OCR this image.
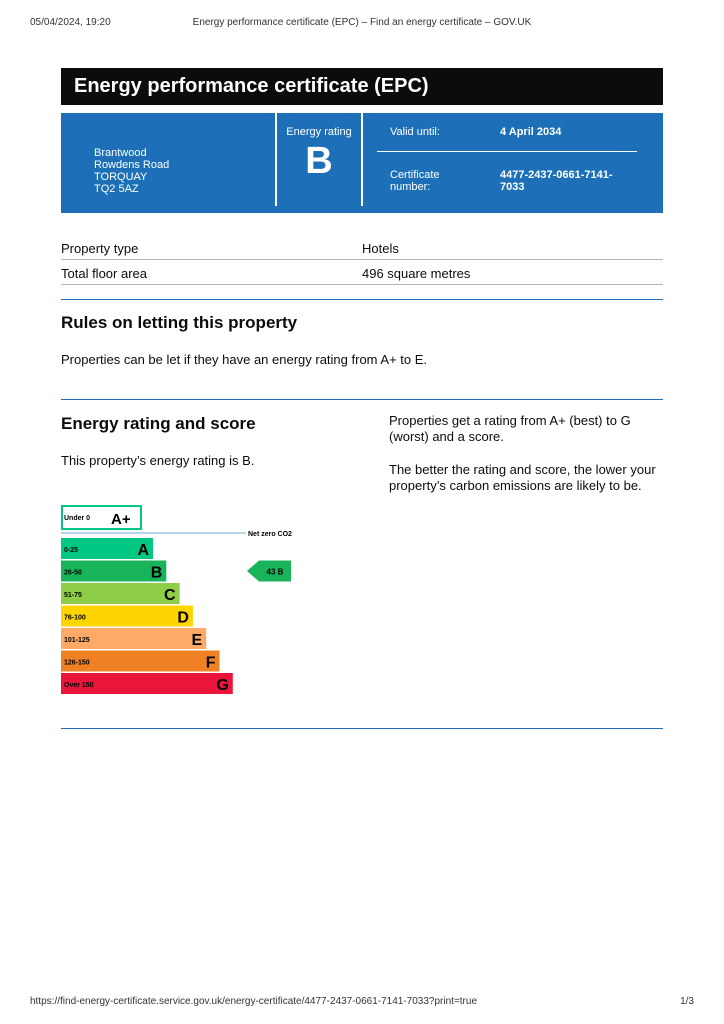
05/04/2024, 19:20	Energy performance certificate (EPC) – Find an energy certificate – GOV.UK
Energy performance certificate (EPC)
Brantwood
Rowdens Road
TORQUAY
TQ2 5AZ
Energy rating
B
Valid until:	4 April 2034
Certificate number:
4477-2437-0661-7141-7033
Property type	Hotels
Total floor area	496 square metres
Rules on letting this property
Properties can be let if they have an energy rating from A+ to E.
Energy rating and score
This property’s energy rating is B.
Properties get a rating from A+ (best) to G (worst) and a score.
The better the rating and score, the lower your property’s carbon emissions are likely to be.
Under 0 A+
Net zero CO2
0-25	A
26-50	B
51-75	C
76-100	D
101-125	E
126-150	F
Over 150	G
43 B
https://find-energy-certificate.service.gov.uk/energy-certificate/4477-2437-0661-7141-7033?print=true	1/3
